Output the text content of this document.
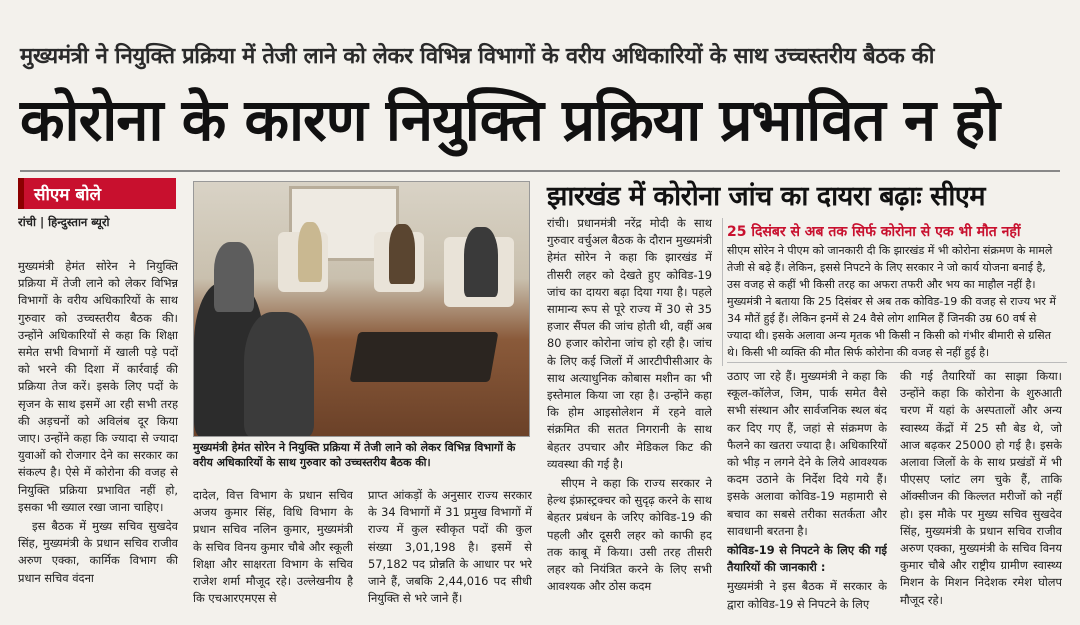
मुख्यमंत्री ने नियुक्ति प्रक्रिया में तेजी लाने को लेकर विभिन्न विभागों के वरीय अधिकारियों के साथ उच्चस्तरीय बैठक की
कोरोना के कारण नियुक्ति प्रक्रिया प्रभावित न हो
सीएम बोले
रांची | हिन्दुस्तान ब्यूरो

मुख्यमंत्री हेमंत सोरेन ने नियुक्ति प्रक्रिया में तेजी लाने को लेकर विभिन्न विभागों के वरीय अधिकारियों के साथ गुरुवार को उच्चस्तरीय बैठक की। उन्होंने अधिकारियों से कहा कि शिक्षा समेत सभी विभागों में खाली पड़े पदों को भरने की दिशा में कार्रवाई की प्रक्रिया तेज करें। इसके लिए पदों के सृजन के साथ इसमें आ रही सभी तरह की अड़चनों को अविलंब दूर किया जाए। उन्होंने कहा कि ज्यादा से ज्यादा युवाओं को रोजगार देने का सरकार का संकल्प है। ऐसे में कोरोना की वजह से नियुक्ति प्रक्रिया प्रभावित नहीं हो, इसका भी ख्याल रखा जाना चाहिए।

इस बैठक में मुख्य सचिव सुखदेव सिंह, मुख्यमंत्री के प्रधान सचिव राजीव अरुण एक्का, कार्मिक विभाग की प्रधान सचिव वंदना

मुख्यमंत्री हेमंत सोरेन ने नियुक्ति प्रक्रिया में तेजी लाने को लेकर विभिन्न विभागों के वरीय अधिकारियों के साथ गुरुवार को उच्चस्तरीय बैठक की।
दादेल, वित्त विभाग के प्रधान सचिव अजय कुमार सिंह, विधि विभाग के प्रधान सचिव नलिन कुमार, मुख्यमंत्री के सचिव विनय कुमार चौबे और स्कूली शिक्षा और साक्षरता विभाग के सचिव राजेश शर्मा मौजूद रहे। उल्लेखनीय है कि एचआरएमएस से
प्राप्त आंकड़ों के अनुसार राज्य सरकार के 34 विभागों में 31 प्रमुख विभागों में राज्य में कुल स्वीकृत पदों की कुल संख्या 3,01,198 है। इसमें से 57,182 पद प्रोन्नति के आधार पर भरे जाने हैं, जबकि 2,44,016 पद सीधी नियुक्ति से भरे जाने हैं।
झारखंड में कोरोना जांच का दायरा बढ़ाः सीएम

रांची। प्रधानमंत्री नरेंद्र मोदी के साथ गुरुवार वर्चुअल बैठक के दौरान मुख्यमंत्री हेमंत सोरेन ने कहा कि झारखंड में तीसरी लहर को देखते हुए कोविड-19 जांच का दायरा बढ़ा दिया गया है। पहले सामान्य रूप से पूरे राज्य में 30 से 35 हजार सैंपल की जांच होती थी, वहीं अब 80 हजार कोरोना जांच हो रही है। जांच के लिए कई जिलों में आरटीपीसीआर के साथ अत्याधुनिक कोबास मशीन का भी इस्तेमाल किया जा रहा है। उन्होंने कहा कि होम आइसोलेशन में रहने वाले संक्रमित की सतत निगरानी के साथ बेहतर उपचार और मेडिकल किट की व्यवस्था की गई है।

सीएम ने कहा कि राज्य सरकार ने हेल्थ इंफ्रास्ट्रक्चर को सुदृढ़ करने के साथ बेहतर प्रबंधन के जरिए कोविड-19 की पहली और दूसरी लहर को काफी हद तक काबू में किया। उसी तरह तीसरी लहर को नियंत्रित करने के लिए सभी आवश्यक और ठोस कदम

25 दिसंबर से अब तक सिर्फ कोरोना से एक भी मौत नहीं
सीएम सोरेन ने पीएम को जानकारी दी कि झारखंड में भी कोरोना संक्रमण के मामले तेजी से बढ़े हैं। लेकिन, इससे निपटने के लिए सरकार ने जो कार्य योजना बनाई है, उस वजह से कहीं भी किसी तरह का अफरा तफरी और भय का माहौल नहीं है। मुख्यमंत्री ने बताया कि 25 दिसंबर से अब तक कोविड-19 की वजह से राज्य भर में 34 मौतें हुई हैं। लेकिन इनमें से 24 वैसे लोग शामिल हैं जिनकी उम्र 60 वर्ष से ज्यादा थी। इसके अलावा अन्य मृतक भी किसी न किसी को गंभीर बीमारी से ग्रसित थे। किसी भी व्यक्ति की मौत सिर्फ कोरोना की वजह से नहीं हुई है।

उठाए जा रहे हैं। मुख्यमंत्री ने कहा कि स्कूल-कॉलेज, जिम, पार्क समेत वैसे सभी संस्थान और सार्वजनिक स्थल बंद कर दिए गए हैं, जहां से संक्रमण के फैलने का खतरा ज्यादा है। अधिकारियों को भीड़ न लगने देने के लिये आवश्यक कदम उठाने के निर्देश दिये गये हैं। इसके अलावा कोविड-19 महामारी से बचाव का सबसे तरीका सतर्कता और सावधानी बरतना है।

कोविड-19 से निपटने के लिए की गई तैयारियों की जानकारी :

मुख्यमंत्री ने इस बैठक में सरकार के द्वारा कोविड-19 से निपटने के लिए

की गई तैयारियों का साझा किया। उन्होंने कहा कि कोरोना के शुरुआती चरण में यहां के अस्पतालों और अन्य स्वास्थ्य केंद्रों में 25 सौ बेड थे, जो आज बढ़कर 25000 हो गई है। इसके अलावा जिलों के के साथ प्रखंडों में भी पीएसए प्लांट लग चुके हैं, ताकि ऑक्सीजन की किल्लत मरीजों को नहीं हो। इस मौके पर मुख्य सचिव सुखदेव सिंह, मुख्यमंत्री के प्रधान सचिव राजीव अरुण एक्का, मुख्यमंत्री के सचिव विनय कुमार चौबे और राष्ट्रीय ग्रामीण स्वास्थ्य मिशन के मिशन निदेशक रमेश घोलप मौजूद रहे।
